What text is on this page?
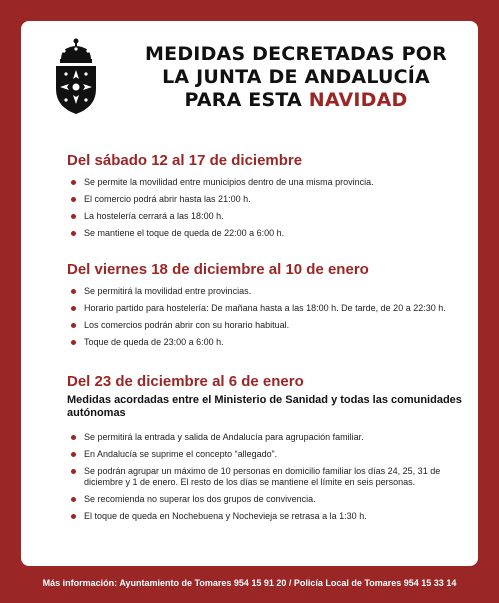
MEDIDAS DECRETADAS POR
LA JUNTA DE ANDALUCÍA
PARA ESTA NAVIDAD
Del sábado 12 al 17 de diciembre
Se permite la movilidad entre municipios dentro de una misma provincia.
El comercio podrá abrir hasta las 21:00 h.
La hostelería cerrará a las 18:00 h.
Se mantiene el toque de queda de 22:00 a 6:00 h.
Del viernes 18 de diciembre al 10 de enero
Se permitirá la movilidad entre provincias.
Horario partido para hostelería: De mañana hasta a las 18:00 h. De tarde, de 20 a 22:30 h.
Los comercios podrán abrir con su horario habitual.
Toque de queda de 23:00 a 6:00 h.
Del 23 de diciembre al 6 de enero
Medidas acordadas entre el Ministerio de Sanidad y todas las comunidades autónomas
Se permitirá la entrada y salida de Andalucía para agrupación familiar.
En Andalucía se suprime el concepto “allegado”.
Se podrán agrupar un máximo de 10 personas en domicilio familiar los días 24, 25, 31 de diciembre y 1 de enero. El resto de los días se mantiene el límite en seis personas.
Se recomienda no superar los dos grupos de convivencia.
El toque de queda en Nochebuena y Nochevieja se retrasa a la 1:30 h.
Más información: Ayuntamiento de Tomares 954 15 91 20 / Policía Local de Tomares 954 15 33 14
